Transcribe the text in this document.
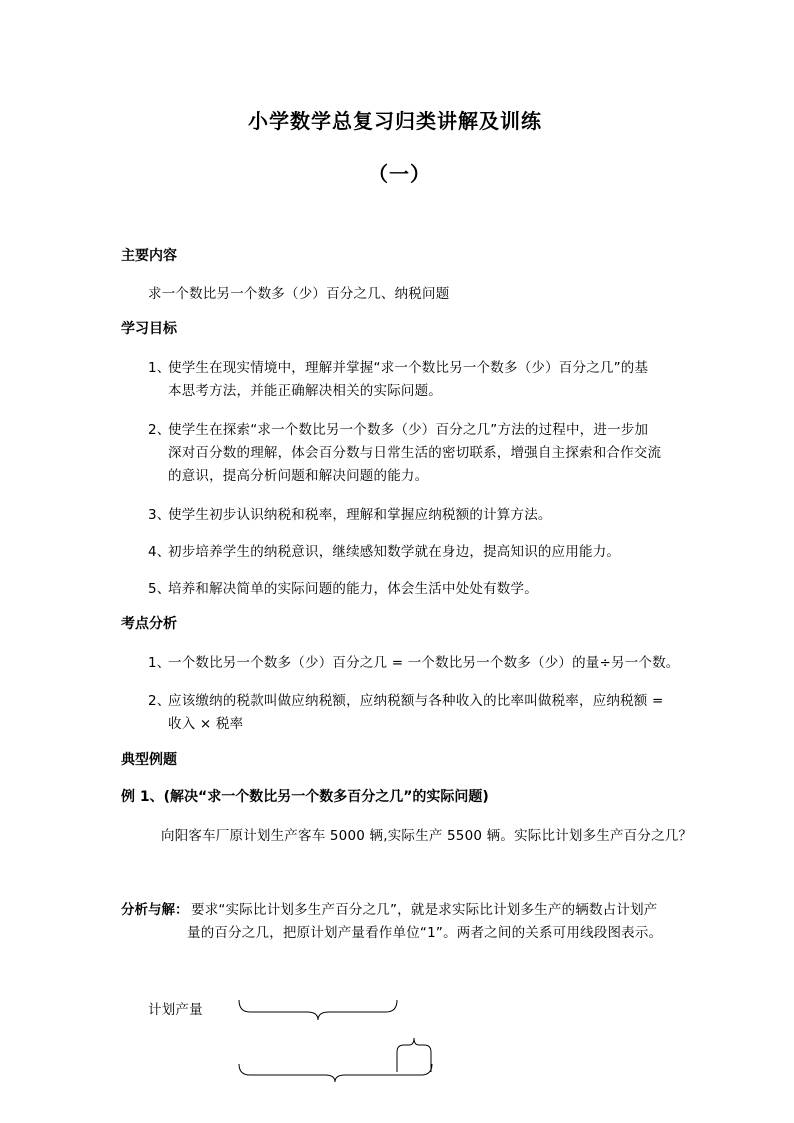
小学数学总复习归类讲解及训练
（一）
主要内容
求一个数比另一个数多（少）百分之几、纳税问题
学习目标
1、
使学生在现实情境中，理解并掌握“求一个数比另一个数多（少）百分之几”的基
本思考方法，并能正确解决相关的实际问题。
2、
使学生在探索“求一个数比另一个数多（少）百分之几”方法的过程中，进一步加
深对百分数的理解，体会百分数与日常生活的密切联系，增强自主探索和合作交流
的意识，提高分析问题和解决问题的能力。
3、
使学生初步认识纳税和税率，理解和掌握应纳税额的计算方法。
4、
初步培养学生的纳税意识，继续感知数学就在身边，提高知识的应用能力。
5、
培养和解决简单的实际问题的能力，体会生活中处处有数学。
考点分析
1、
一个数比另一个数多（少）百分之几 = 一个数比另一个数多（少）的量÷另一个数。
2、
应该缴纳的税款叫做应纳税额，应纳税额与各种收入的比率叫做税率，应纳税额 =
收入 × 税率
典型例题
例 1、(解决“求一个数比另一个数多百分之几”的实际问题)
向阳客车厂原计划生产客车 5000 辆,实际生产 5500 辆。实际比计划多生产百分之几？
分析与解： 要求“实际比计划多生产百分之几”，就是求实际比计划多生产的辆数占计划产
量的百分之几，把原计划产量看作单位“1”。两者之间的关系可用线段图表示。
计划产量
